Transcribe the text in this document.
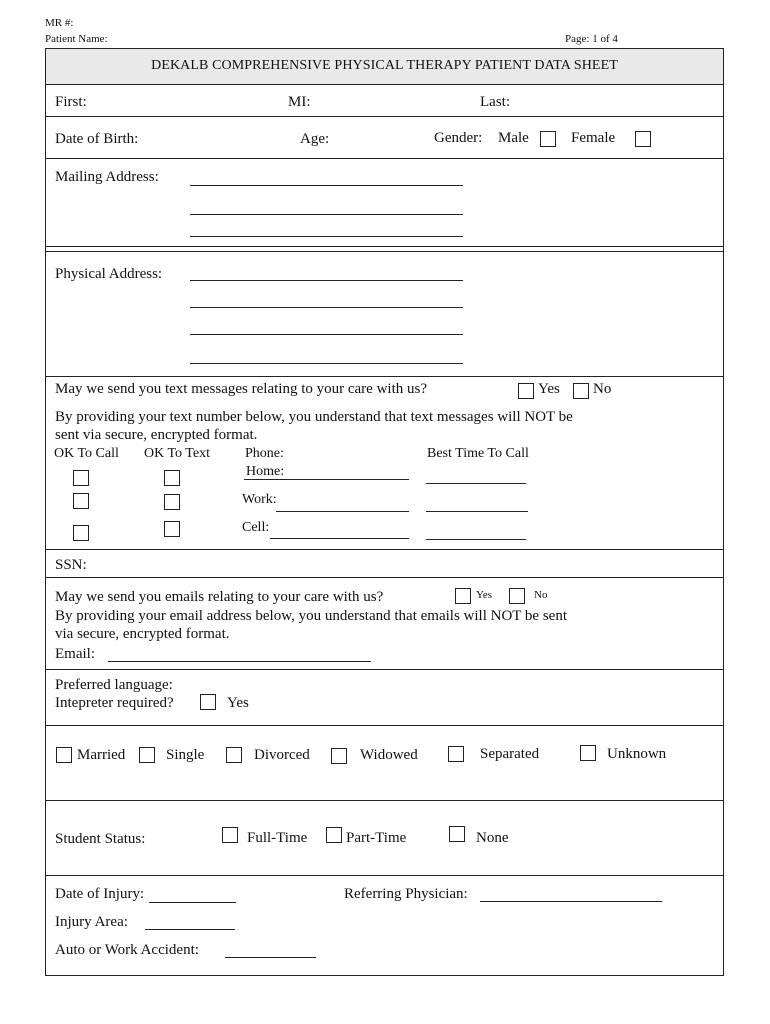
MR #:
Patient Name:	Page: 1 of 4
DEKALB COMPREHENSIVE PHYSICAL THERAPY PATIENT DATA SHEET
First:	MI:	Last:
Date of Birth:	Age:	Gender: Male	Female
Mailing Address:
Physical Address:
May we send you text messages relating to your care with us?	Yes No
By providing your text number below, you understand that text messages will NOT be
sent via secure, encrypted format.
OK To Call OK To Text	Phone:	Best Time To Call
Home:
Work:
Cell:
SSN:
May we send you emails relating to your care with us?	Yes	No
By providing your email address below, you understand that emails will NOT be sent
via secure, encrypted format.
Email:
Preferred language:
Intepreter required?	Yes
Married	Single	Divorced	Widowed	Separated	Unknown
Student Status:	Full-Time	Part-Time	None
Date of Injury:	Referring Physician:
Injury Area:
Auto or Work Accident:
